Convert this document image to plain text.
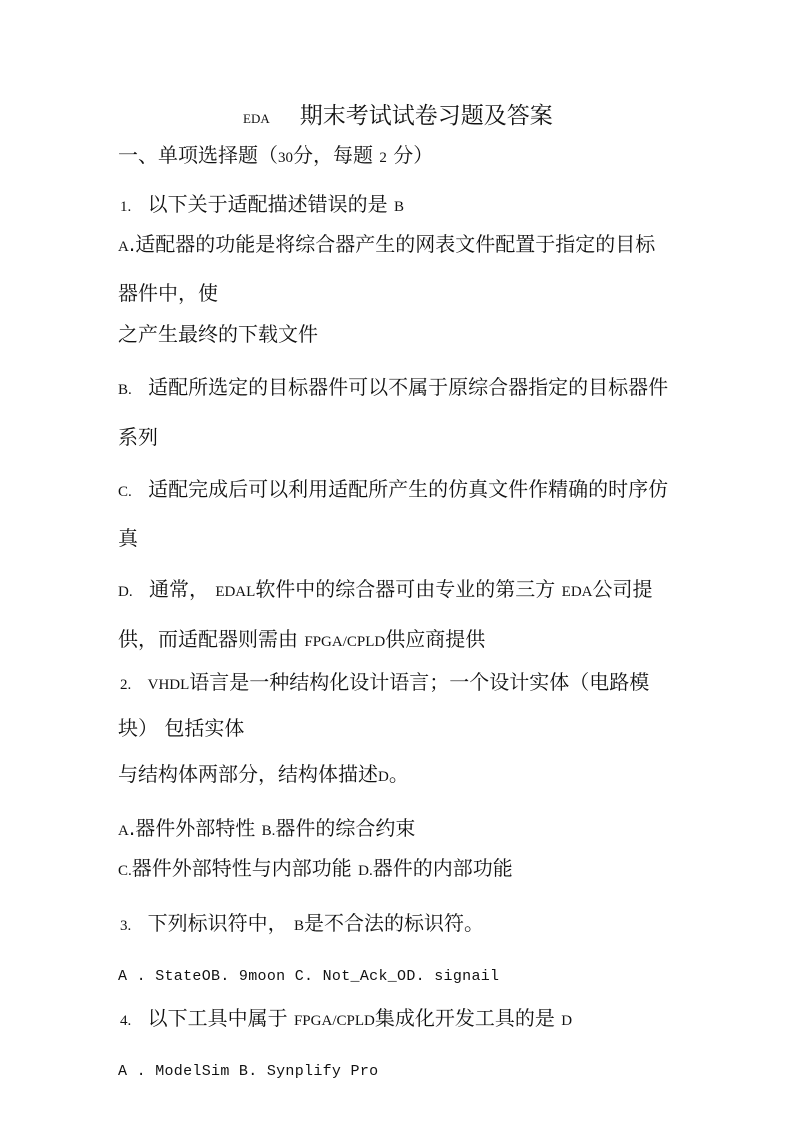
EDA 期末考试试卷习题及答案
一、单项选择题（30分，每题 2 分）
1. 以下关于适配描述错误的是 B
A.适配器的功能是将综合器产生的网表文件配置于指定的目标
器件中，使
之产生最终的下载文件
B. 适配所选定的目标器件可以不属于原综合器指定的目标器件
系列
C. 适配完成后可以利用适配所产生的仿真文件作精确的时序仿
真
D. 通常， EDAL软件中的综合器可由专业的第三方 EDA公司提
供，而适配器则需由 FPGA/CPLD供应商提供
2. VHDL语言是一种结构化设计语言；一个设计实体（电路模
块） 包括实体
与结构体两部分，结构体描述D。
A.器件外部特性 B.器件的综合约束
C.器件外部特性与内部功能 D.器件的内部功能
3. 下列标识符中， B是不合法的标识符。
A . StateOB. 9moon C. Not_Ack_OD. signail
4. 以下工具中属于 FPGA/CPLD集成化开发工具的是 D
A . ModelSim B. Synplify Pro
